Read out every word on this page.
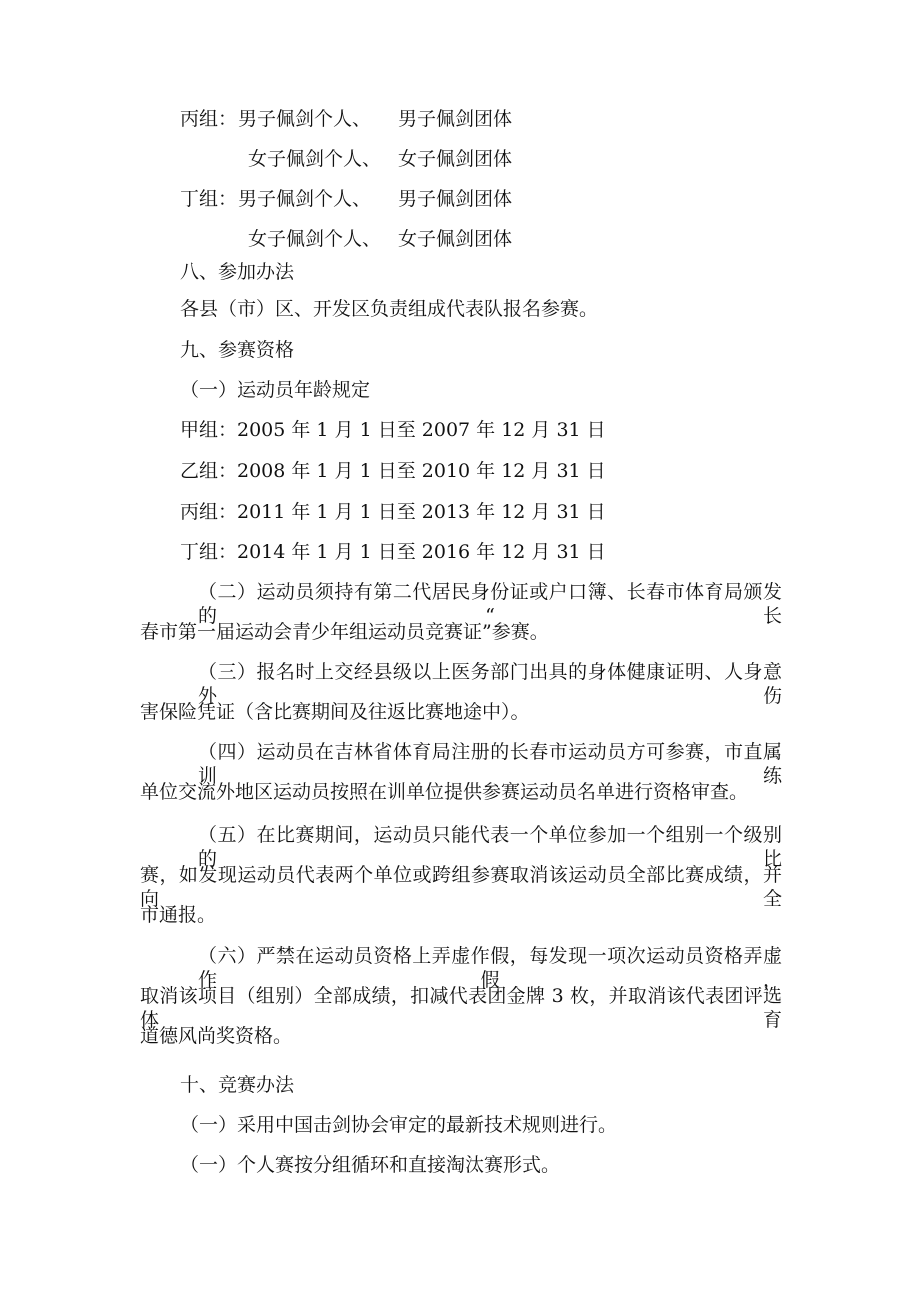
丙组： 男子佩剑个人、 男子佩剑团体
女子佩剑个人、 女子佩剑团体
丁组： 男子佩剑个人、 男子佩剑团体
女子佩剑个人、 女子佩剑团体
八、参加办法
各县（市）区、开发区负责组成代表队报名参赛。
九、参赛资格
（一）运动员年龄规定
甲组：2005 年 1 月 1 日至 2007 年 12 月 31 日
乙组：2008 年 1 月 1 日至 2010 年 12 月 31 日
丙组：2011 年 1 月 1 日至 2013 年 12 月 31 日
丁组：2014 年 1 月 1 日至 2016 年 12 月 31 日
（二）运动员须持有第二代居民身份证或户口簿、长春市体育局颁发的“长
春市第一届运动会青少年组运动员竞赛证”参赛。
（三）报名时上交经县级以上医务部门出具的身体健康证明、人身意外伤
害保险凭证（含比赛期间及往返比赛地途中）。
（四）运动员在吉林省体育局注册的长春市运动员方可参赛，市直属训练
单位交流外地区运动员按照在训单位提供参赛运动员名单进行资格审查。
（五）在比赛期间，运动员只能代表一个单位参加一个组别一个级别的比
赛，如发现运动员代表两个单位或跨组参赛取消该运动员全部比赛成绩，并向全
市通报。
（六）严禁在运动员资格上弄虚作假，每发现一项次运动员资格弄虚作假，
取消该项目（组别）全部成绩，扣减代表团金牌 3 枚，并取消该代表团评选体育
道德风尚奖资格。
十、竞赛办法
（一）采用中国击剑协会审定的最新技术规则进行。
（一）个人赛按分组循环和直接淘汰赛形式。
